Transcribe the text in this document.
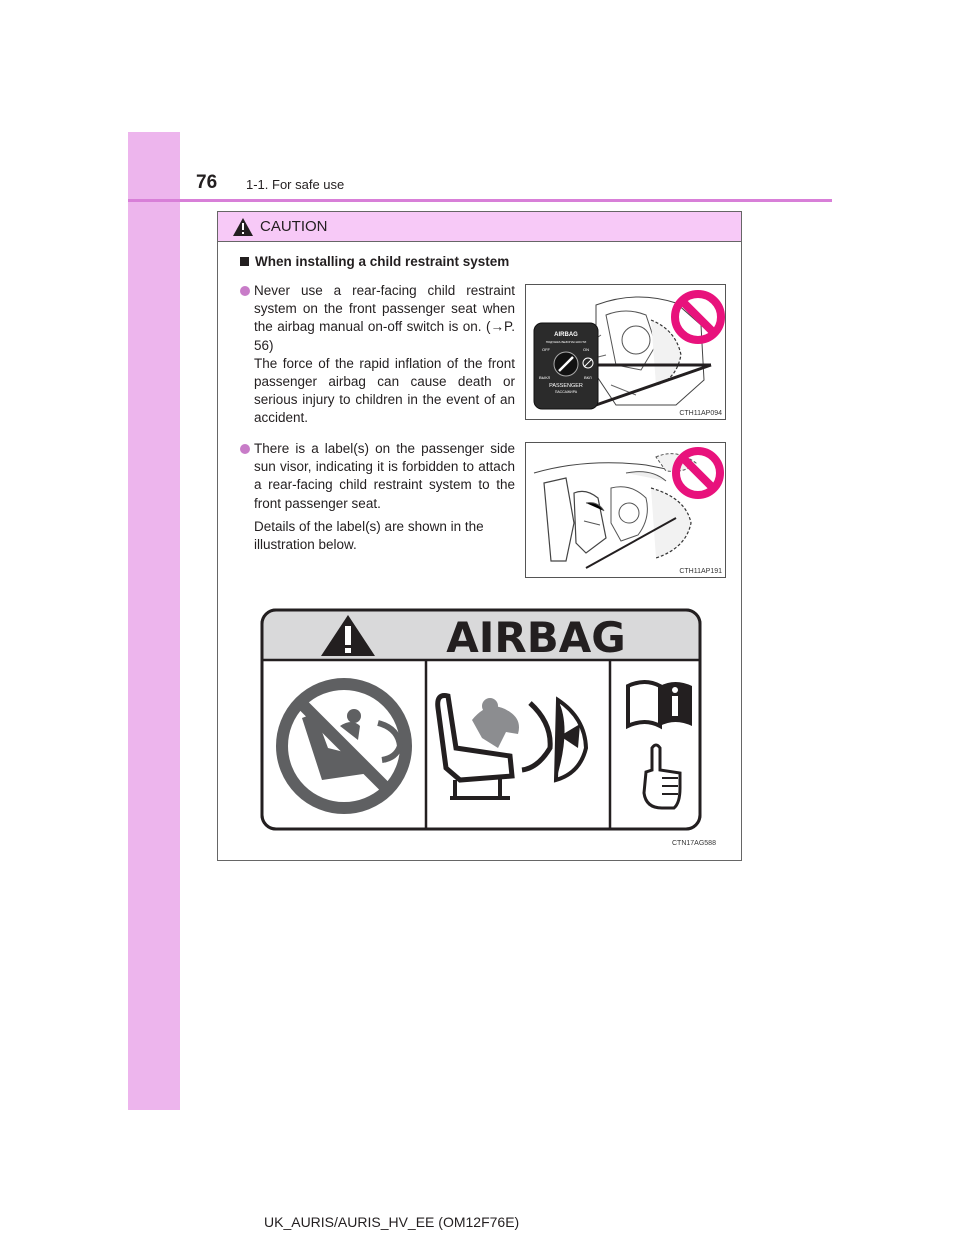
76 1-1. For safe use
CAUTION
When installing a child restraint system
Never use a rear-facing child restraint system on the front passenger seat when the airbag manual on-off switch is on. (→P. 56)
The force of the rapid inflation of the front passenger airbag can cause death or serious injury to children in the event of an accident.
There is a label(s) on the passenger side sun visor, indicating it is forbidden to attach a rear-facing child restraint system to the front passenger seat.
Details of the label(s) are shown in the illustration below.
AIRBAG
ПОДУШКА БЕЗОПАСНОСТИ
OFF	ON
ВЫКЛ	ВКЛ
PASSENGER
ПАССАЖИРА
CTH11AP094
CTH11AP191
AIRBAG
CTN17AG588
UK_AURIS/AURIS_HV_EE (OM12F76E)
